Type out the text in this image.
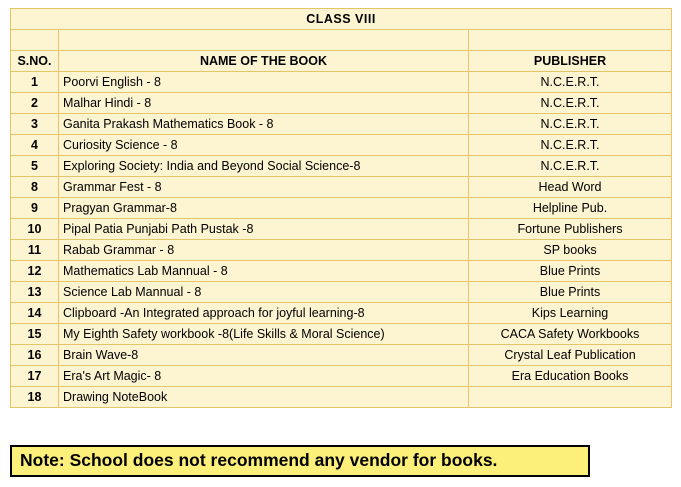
CLASS VIII		

S.NO.	NAME OF THE BOOK	PUBLISHER
1	Poorvi English - 8	N.C.E.R.T.
2	Malhar Hindi - 8	N.C.E.R.T.
3	Ganita Prakash Mathematics Book - 8	N.C.E.R.T.
4	Curiosity Science - 8	N.C.E.R.T.
5	Exploring Society: India and Beyond Social Science-8	N.C.E.R.T.
8	Grammar Fest - 8	Head Word
9	Pragyan Grammar-8	Helpline Pub.
10	Pipal Patia Punjabi Path Pustak -8	Fortune Publishers
11	Rabab Grammar - 8	SP books
12	Mathematics Lab Mannual - 8	Blue Prints
13	Science Lab Mannual - 8	Blue Prints
14	Clipboard -An Integrated approach for joyful learning-8	Kips Learning
15	My Eighth Safety workbook -8(Life Skills & Moral Science)	CACA Safety Workbooks
16	Brain Wave-8	Crystal Leaf Publication
17	Era's Art Magic- 8	Era Education Books
18	Drawing NoteBook	
Note: School does not recommend any vendor for books.
